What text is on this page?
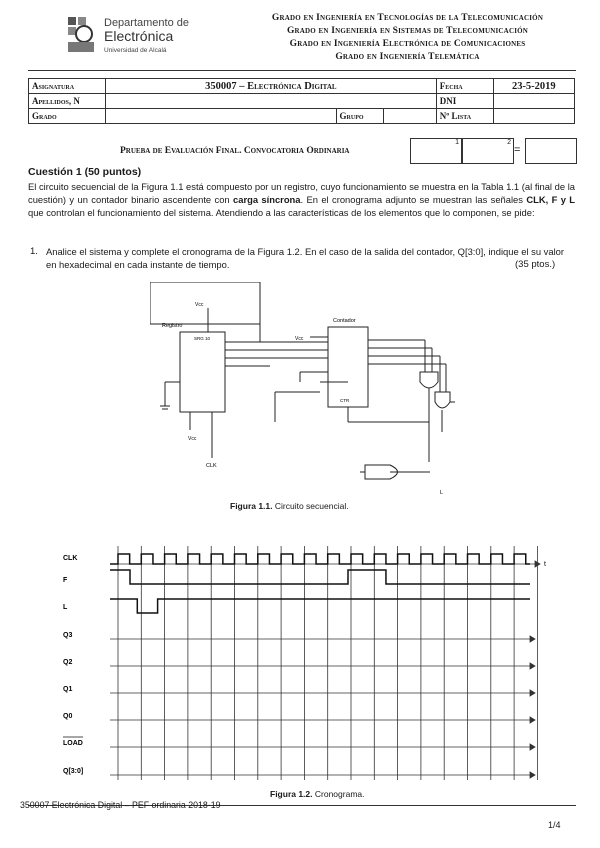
Departamento de
Electrónica
Universidad de Alcalá
Grado en Ingeniería en Tecnologías de la Telecomunicación
Grado en Ingeniería en Sistemas de Telecomunicación
Grado en Ingeniería Electrónica de Comunicaciones
Grado en Ingeniería Telemática
Asignatura	350007 – Electrónica Digital			Fecha	23-5-2019
Apellidos, N				DNI	
Grado		Grupo		Nº Lista	
Prueba de Evaluación Final. Convocatoria Ordinaria
1	2
=
Cuestión 1 (50 puntos)
El circuito secuencial de la Figura 1.1 está compuesto por un registro, cuyo funcionamiento se muestra en la Tabla 1.1 (al final de la cuestión) y un contador binario ascendente con carga síncrona. En el cronograma adjunto se muestran las señales CLK, F y L que controlan el funcionamiento del sistema. Atendiendo a las características de los elementos que lo componen, se pide:
1. Analice el sistema y complete el cronograma de la Figura 1.2. En el caso de la salida del contador, Q[3:0], indique el su valor en hexadecimal en cada instante de tiempo.	(35 ptos.)
Registro
Contador
Vcc
Vcc
Vcc
CLK
L
SRG 10
CTR
Figura 1.1. Circuito secuencial.
CLK
F
L
Q3
Q2
Q1
Q0
LOAD
Q[3:0]
t
Figura 1.2. Cronograma.
350007 Electrónica Digital – PEF ordinaria 2018-19
1/4
